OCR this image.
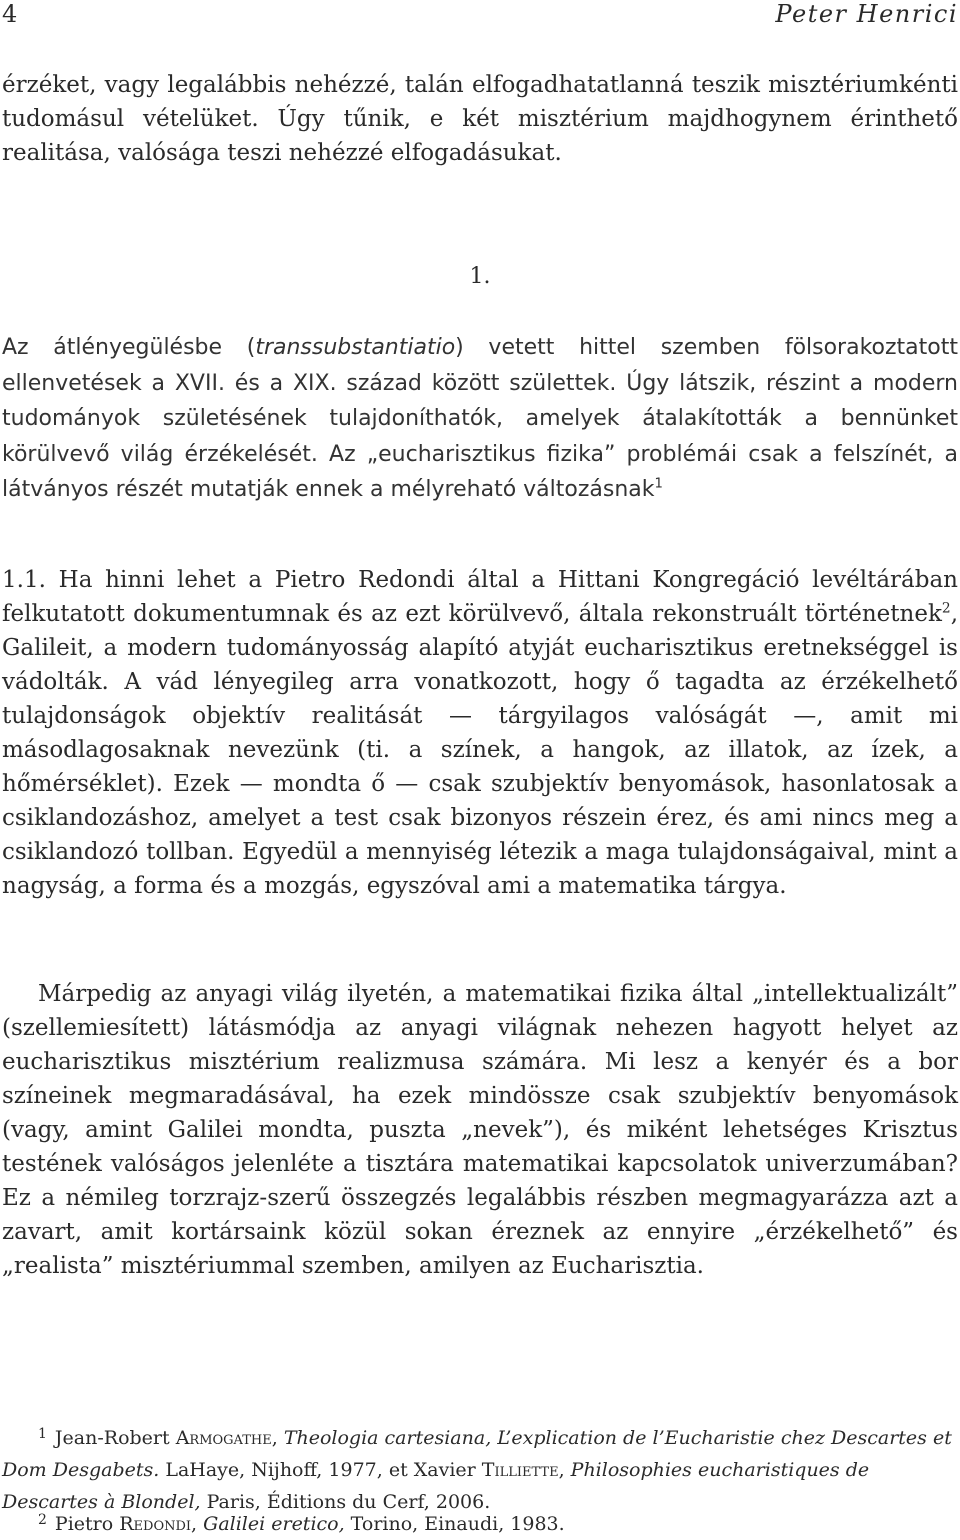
4	Peter Henrici

érzéket, vagy legalábbis nehézzé, talán elfogadhatatlanná teszik misztériumkénti tudomásul vételüket. Úgy tűnik, e két misztérium majdhogynem érinthető realitása, valósága teszi nehézzé elfogadásukat.

1.

Az átlényegülésbe (transsubstantiatio) vetett hittel szemben fölsorakoztatott ellenvetések a XVII. és a XIX. század között születtek. Úgy látszik, részint a modern tudományok születésének tulajdoníthatók, amelyek átalakították a bennünket körülvevő világ érzékelését. Az „eucharisztikus fizika” problémái csak a felszínét, a látványos részét mutatják ennek a mélyreható változásnak$^1$

1.1. Ha hinni lehet a Pietro Redondi által a Hittani Kongregáció levéltárában felkutatott dokumentumnak és az ezt körülvevő, általa rekonstruált történetnek$^2$, Galileit, a modern tudományosság alapító atyját eucharisztikus eretnekséggel is vádolták. A vád lényegileg arra vonatkozott, hogy ő tagadta az érzékelhető tulajdonságok objektív realitását — tárgyilagos valóságát —, amit mi másodlagosaknak nevezünk (ti. a színek, a hangok, az illatok, az ízek, a hőmérséklet). Ezek — mondta ő — csak szubjektív benyomások, hasonlatosak a csiklandozáshoz, amelyet a test csak bizonyos részein érez, és ami nincs meg a csiklandozó tollban. Egyedül a mennyiség létezik a maga tulajdonságaival, mint a nagyság, a forma és a mozgás, egyszóval ami a matematika tárgya.

Márpedig az anyagi világ ilyetén, a matematikai fizika által „intellektualizált” (szellemiesített) látásmódja az anyagi világnak nehezen hagyott helyet az eucharisztikus misztérium realizmusa számára. Mi lesz a kenyér és a bor színeinek megmaradásával, ha ezek mindössze csak szubjektív benyomások (vagy, amint Galilei mondta, puszta „nevek”), és miként lehetséges Krisztus testének valóságos jelenléte a tisztára matematikai kapcsolatok univerzumában? Ez a némileg torzrajz-szerű összegzés legalábbis részben megmagyarázza azt a zavart, amit kortársaink közül sokan éreznek az ennyire „érzékelhető” és „realista” misztériummal szemben, amilyen az Eucharisztia.

$^1$ Jean-Robert Armogathe, Theologia cartesiana, L’explication de l’Eucharistie chez Descartes et Dom Desgabets. LaHaye, Nijhoff, 1977, et Xavier Tilliette, Philosophies eucharistiques de Descartes à Blondel, Paris, Éditions du Cerf, 2006.

$^2$ Pietro Redondi, Galilei eretico, Torino, Einaudi, 1983.
